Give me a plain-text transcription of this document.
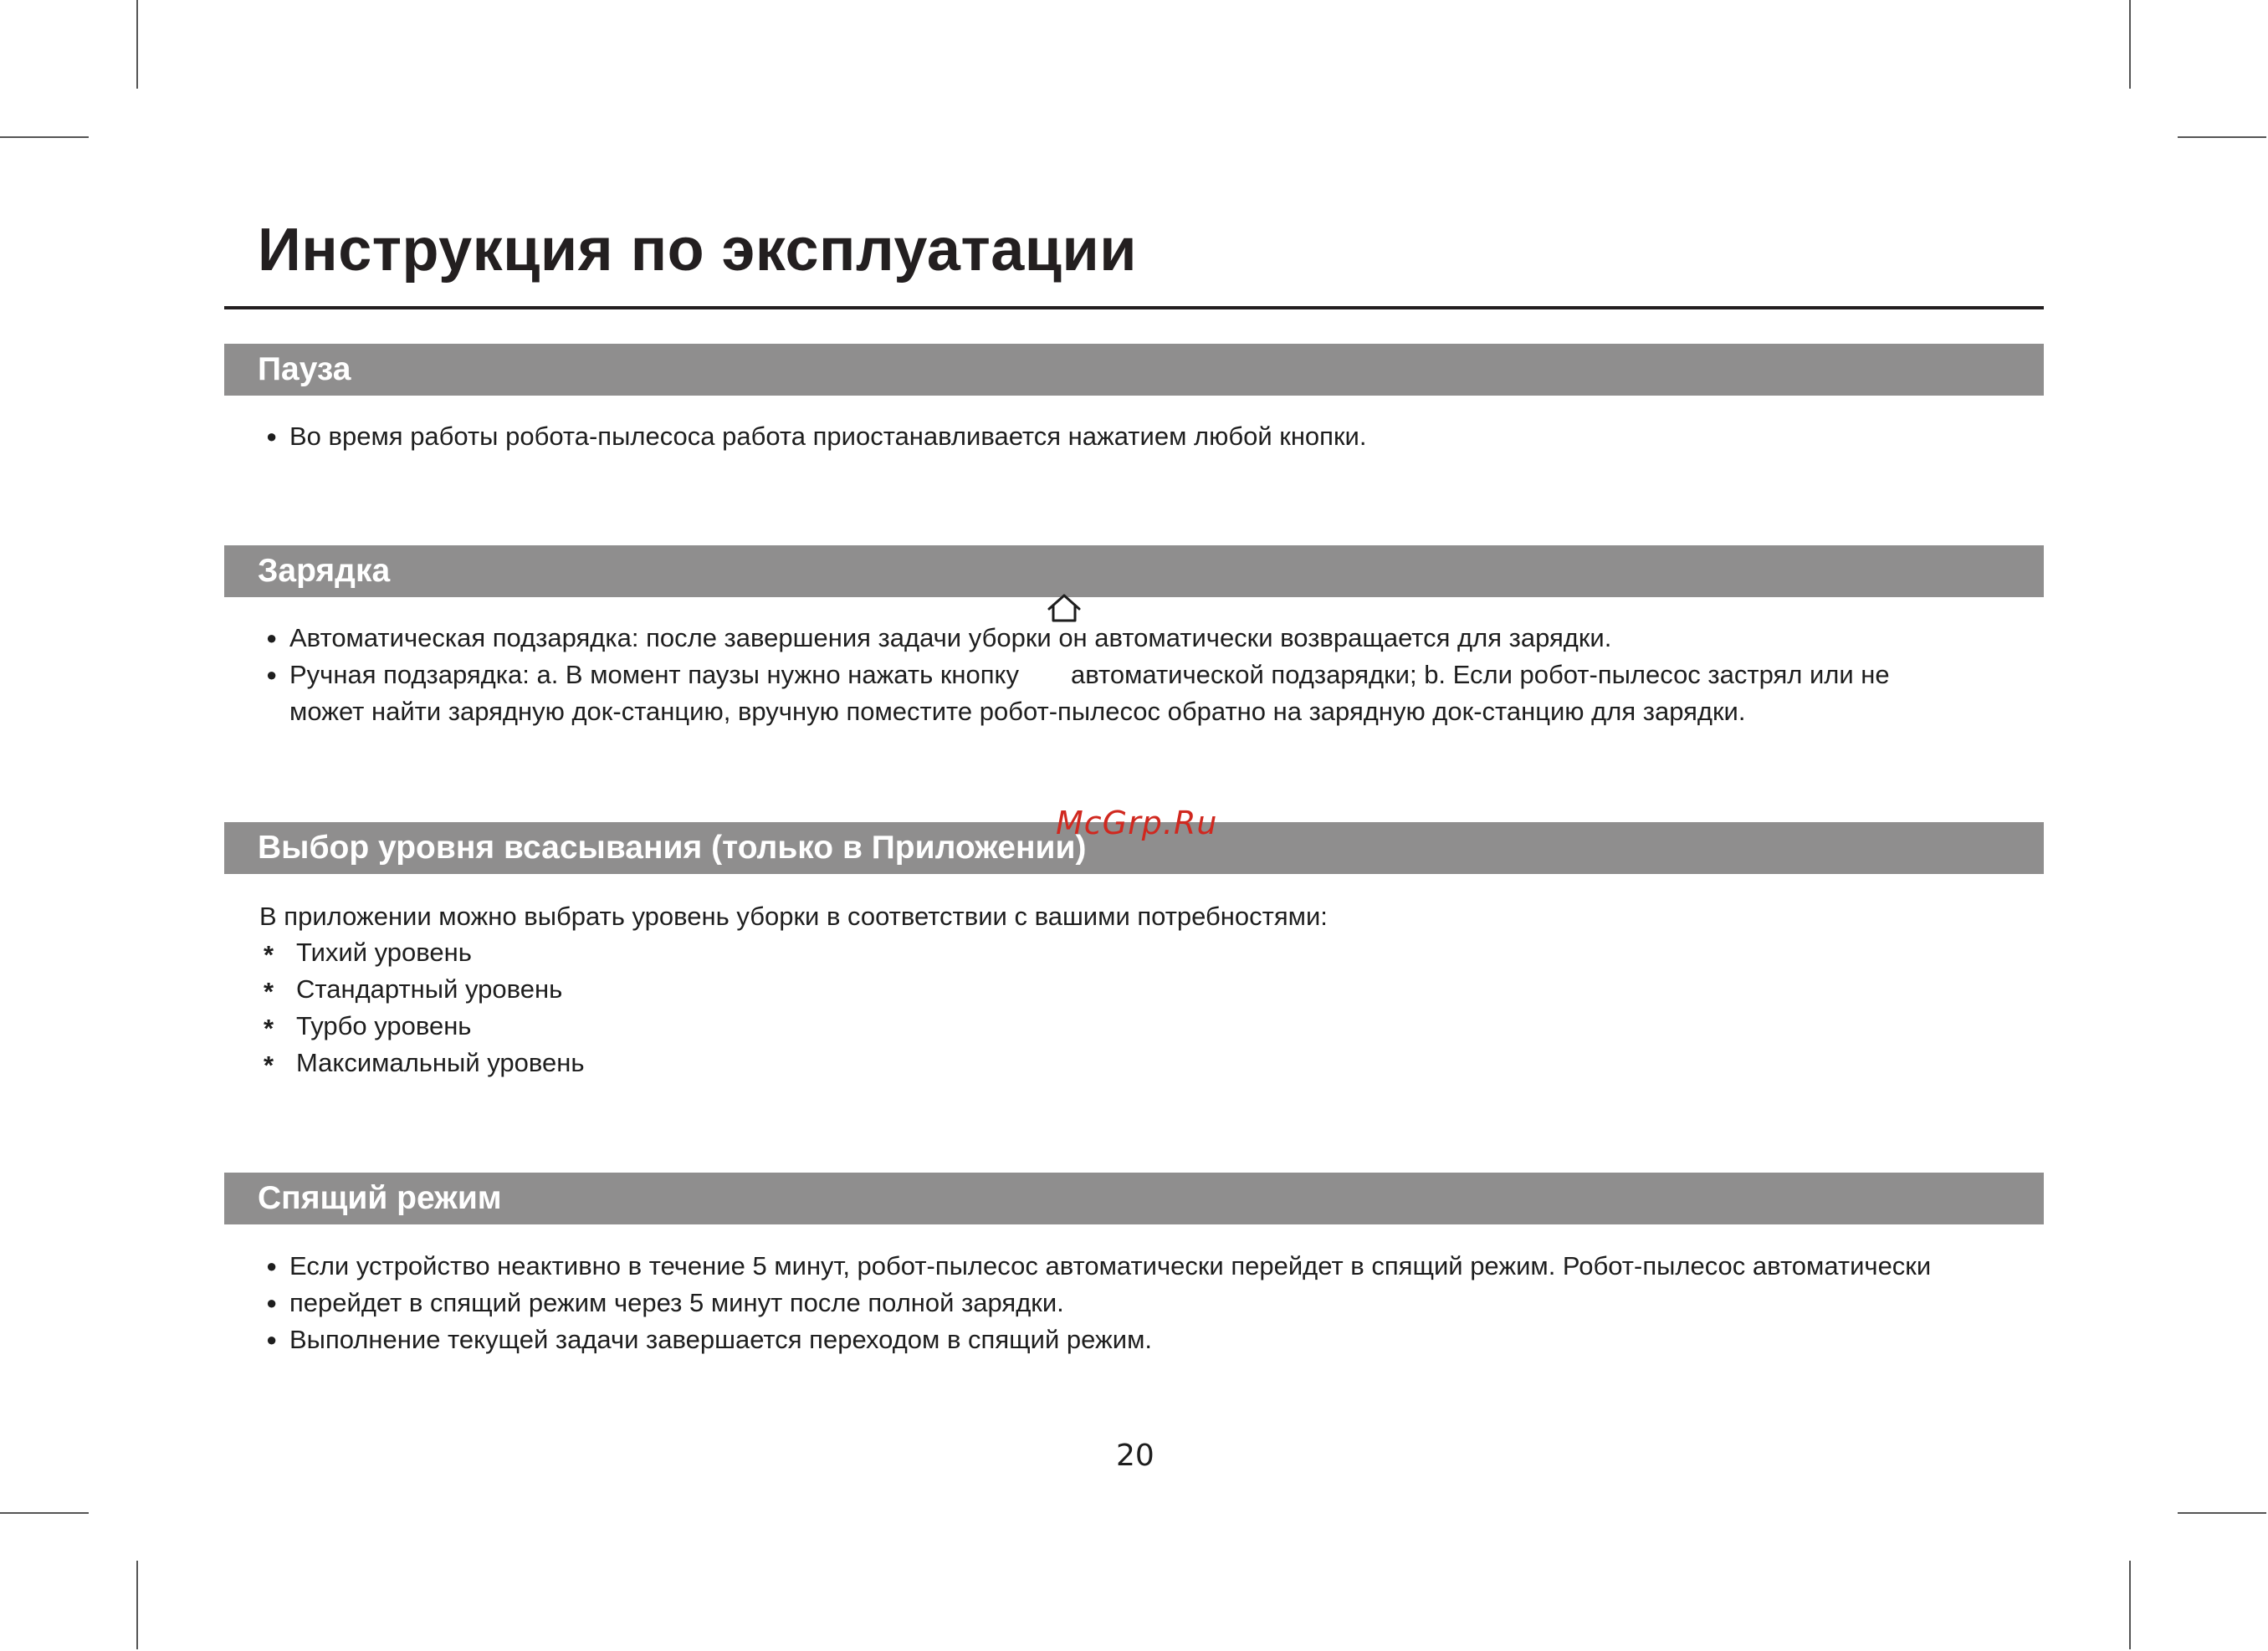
Инструкция по эксплуатации
Пауза
● Во время работы робота-пылесоса работа приостанавливается нажатием любой кнопки.
Зарядка
● Автоматическая подзарядка: после завершения задачи уборки он автоматически возвращается для зарядки.
● Ручная подзарядка: a. В момент паузы нужно нажать кнопку автоматической подзарядки; b. Если робот-пылесос застрял или не
может найти зарядную док-станцию, вручную поместите робот-пылесос обратно на зарядную док-станцию для зарядки.
Выбор уровня всасывания (только в Приложении)
McGrp.Ru
В приложении можно выбрать уровень уборки в соответствии с вашими потребностями:
* Тихий уровень
* Стандартный уровень
* Турбо уровень
* Максимальный уровень
Спящий режим
● Если устройство неактивно в течение 5 минут, робот-пылесос автоматически перейдет в спящий режим. Робот-пылесос автоматически
● перейдет в спящий режим через 5 минут после полной зарядки.
● Выполнение текущей задачи завершается переходом в спящий режим.
20
